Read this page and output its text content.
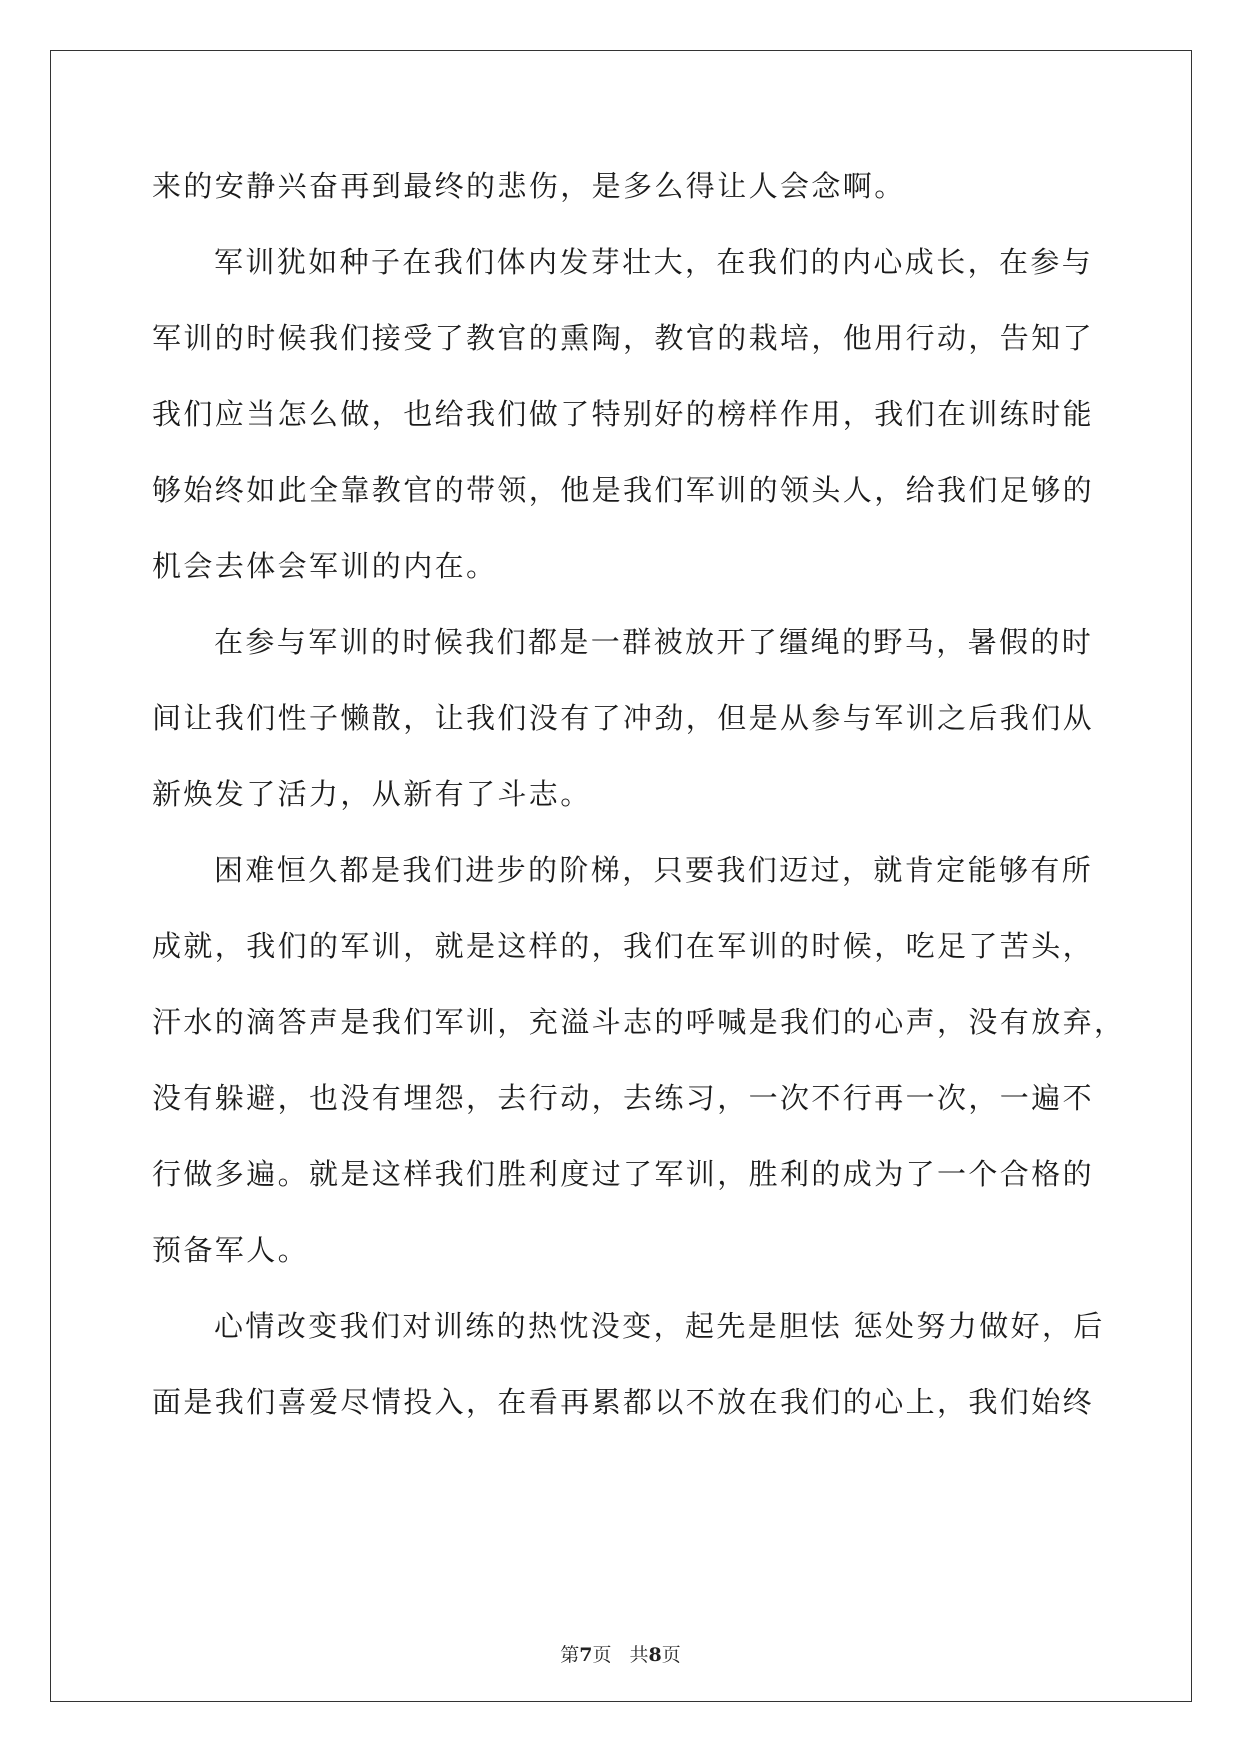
来的安静兴奋再到最终的悲伤，是多么得让人会念啊。
军训犹如种子在我们体内发芽壮大，在我们的内心成长，在参与
军训的时候我们接受了教官的熏陶，教官的栽培，他用行动，告知了
我们应当怎么做，也给我们做了特别好的榜样作用，我们在训练时能
够始终如此全靠教官的带领，他是我们军训的领头人，给我们足够的
机会去体会军训的内在。
在参与军训的时候我们都是一群被放开了缰绳的野马，暑假的时
间让我们性子懒散，让我们没有了冲劲，但是从参与军训之后我们从
新焕发了活力，从新有了斗志。
困难恒久都是我们进步的阶梯，只要我们迈过，就肯定能够有所
成就，我们的军训，就是这样的，我们在军训的时候，吃足了苦头，
汗水的滴答声是我们军训，充溢斗志的呼喊是我们的心声，没有放弃，
没有躲避，也没有埋怨，去行动，去练习，一次不行再一次，一遍不
行做多遍。就是这样我们胜利度过了军训，胜利的成为了一个合格的
预备军人。
心情改变我们对训练的热忱没变，起先是胆怯 惩处努力做好，后
面是我们喜爱尽情投入，在看再累都以不放在我们的心上，我们始终
第7页 共8页
